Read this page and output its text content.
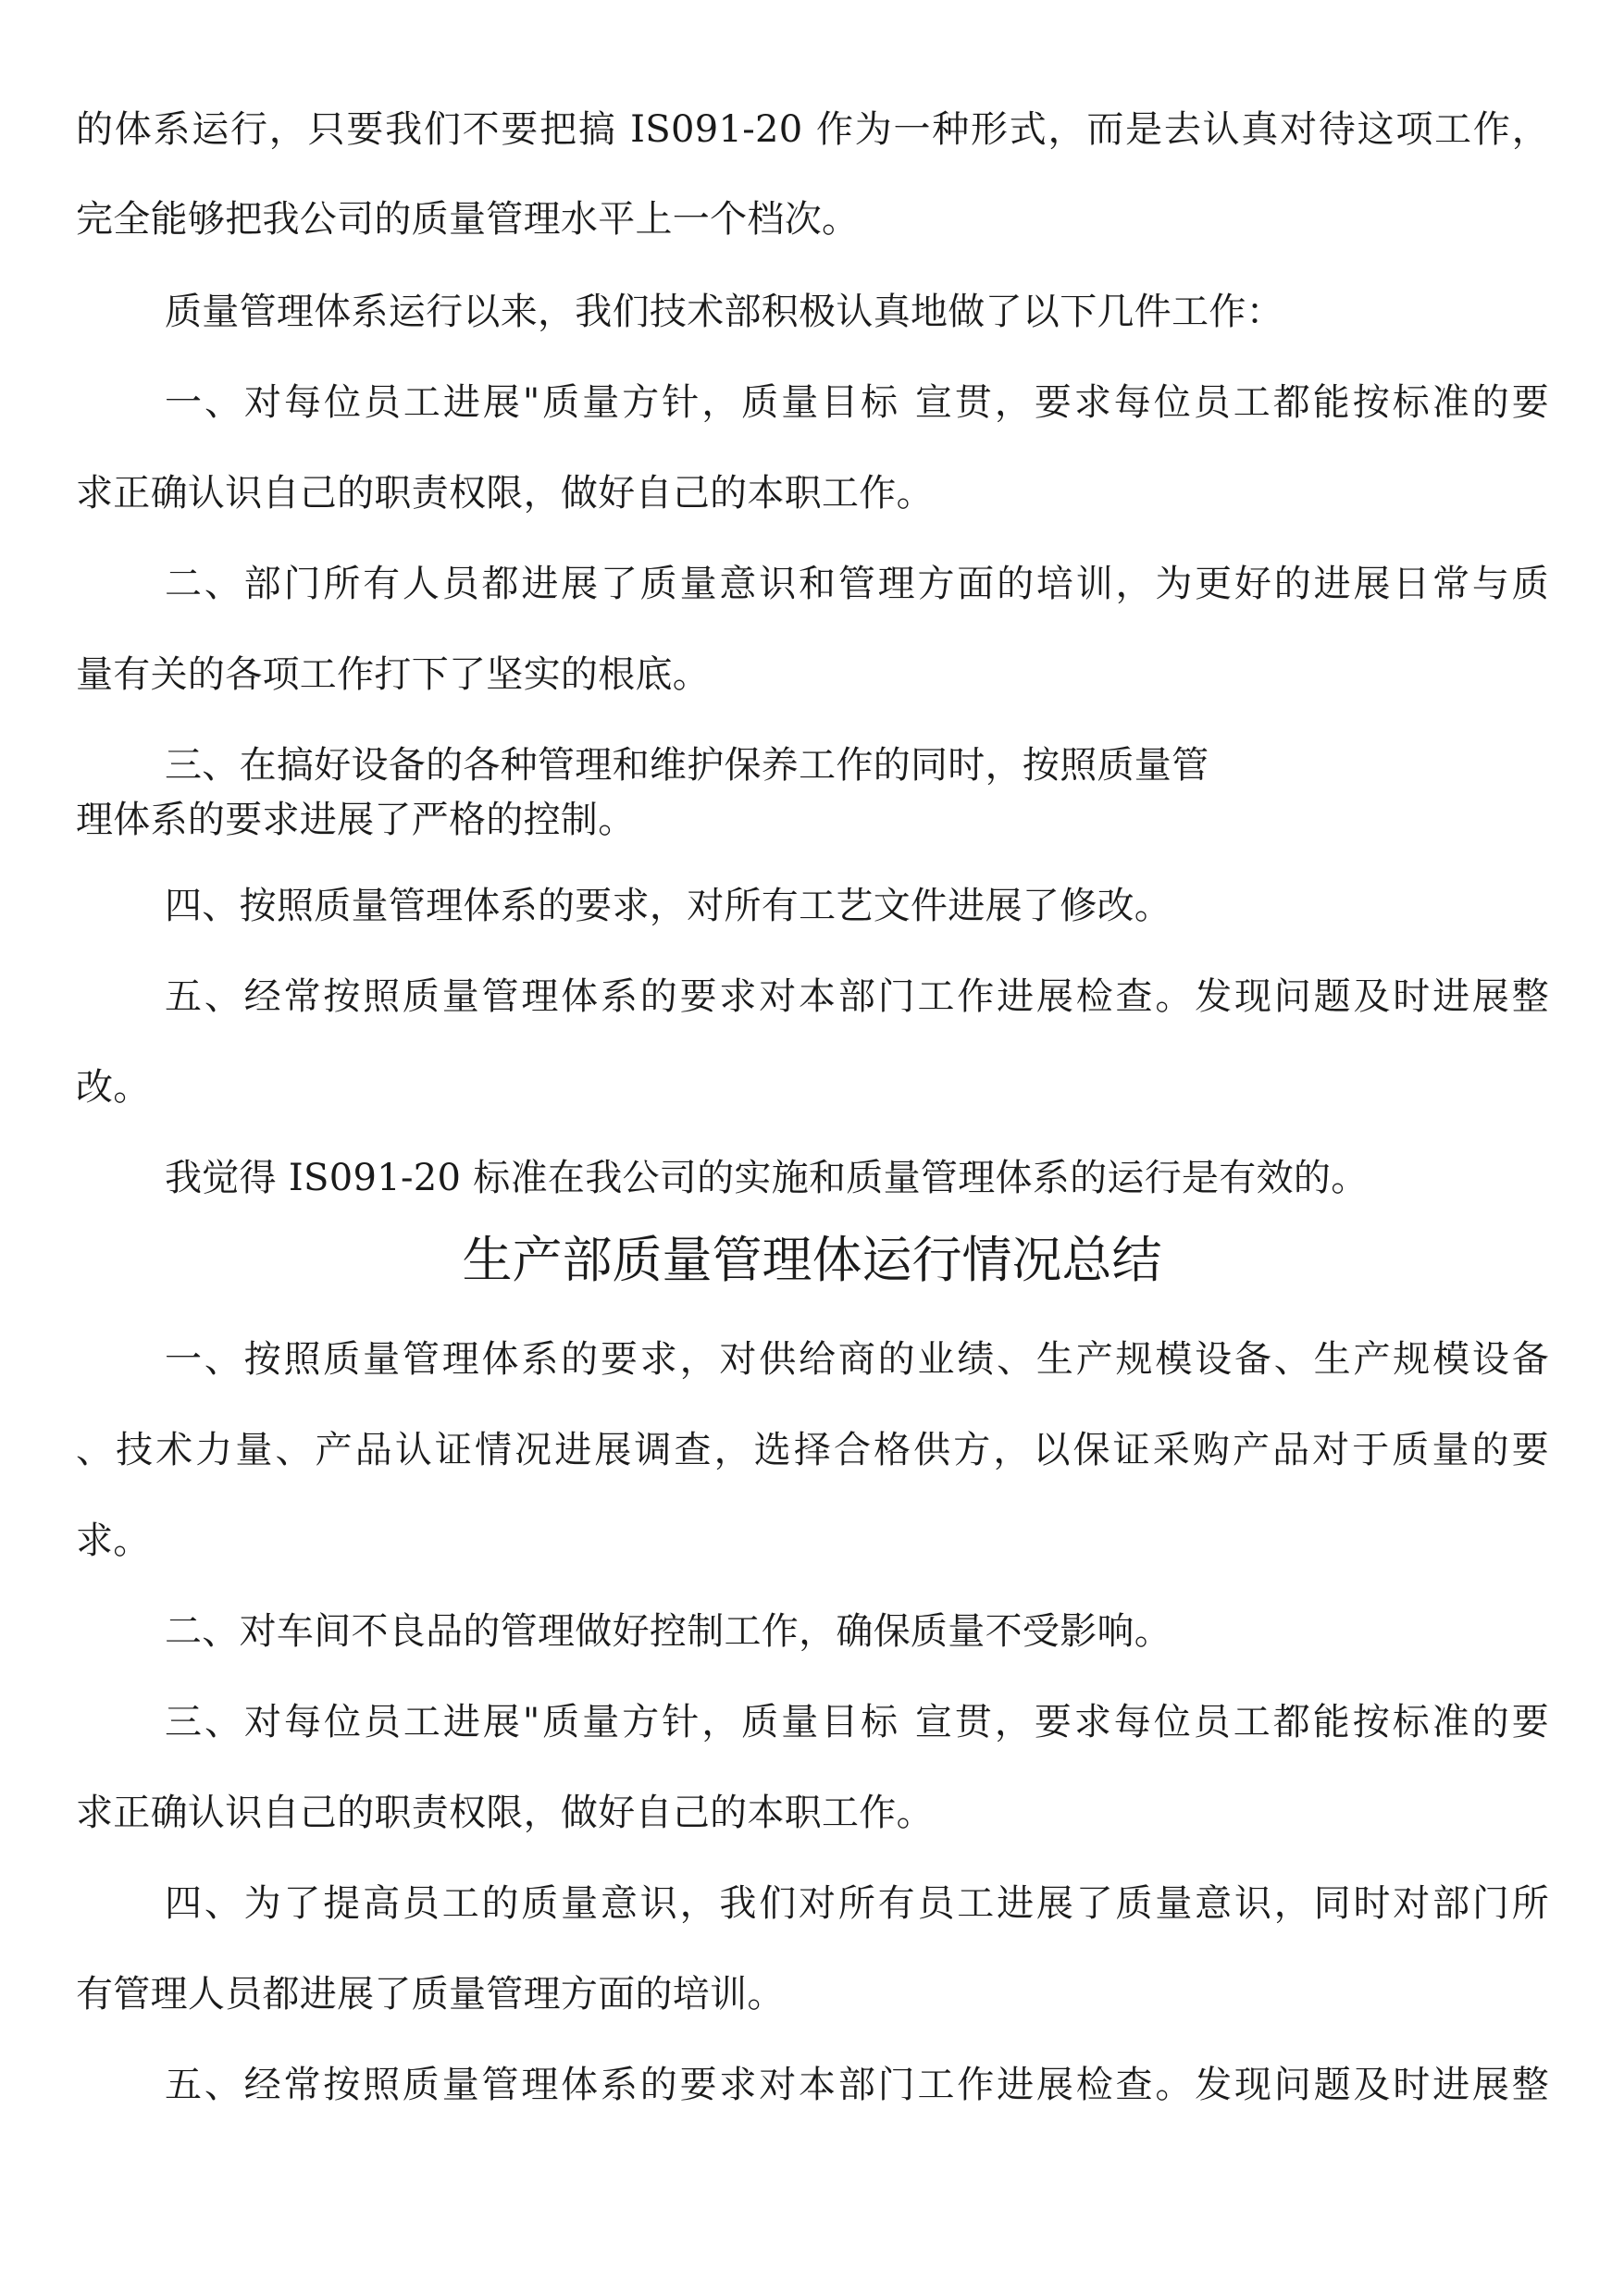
的体系运行，只要我们不要把搞 IS091-20 作为一种形式，而是去认真对待这项工作，
完全能够把我公司的质量管理水平上一个档次。
质量管理体系运行以来，我们技术部积极认真地做了以下几件工作：
一、对每位员工进展"质量方针，质量目标 宣贯，要求每位员工都能按标准的要
求正确认识自己的职责权限，做好自己的本职工作。
二、部门所有人员都进展了质量意识和管理方面的培训，为更好的进展日常与质
量有关的各项工作打下了坚实的根底。
三、在搞好设备的各种管理和维护保养工作的同时，按照质量管
理体系的要求进展了严格的控制。
四、按照质量管理体系的要求，对所有工艺文件进展了修改。
五、经常按照质量管理体系的要求对本部门工作进展检查。发现问题及时进展整
改。
我觉得 IS091-20 标准在我公司的实施和质量管理体系的运行是有效的。
生产部质量管理体运行情况总结
一、按照质量管理体系的要求，对供给商的业绩、生产规模设备、生产规模设备
、技术力量、产品认证情况进展调查，选择合格供方，以保证采购产品对于质量的要
求。
二、对车间不良品的管理做好控制工作，确保质量不受影响。
三、对每位员工进展"质量方针，质量目标 宣贯，要求每位员工都能按标准的要
求正确认识自己的职责权限，做好自己的本职工作。
四、为了提高员工的质量意识，我们对所有员工进展了质量意识，同时对部门所
有管理人员都进展了质量管理方面的培训。
五、经常按照质量管理体系的要求对本部门工作进展检查。发现问题及时进展整
